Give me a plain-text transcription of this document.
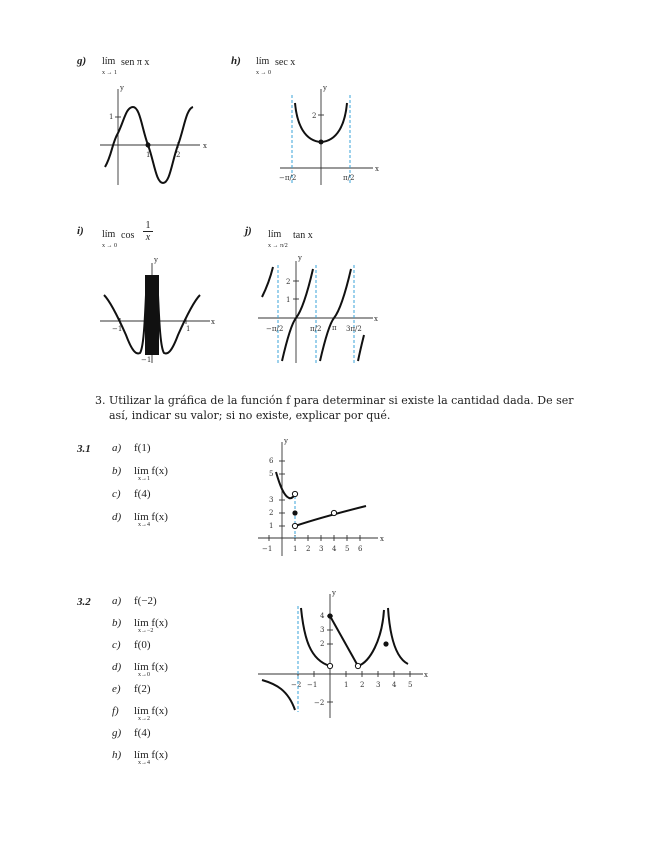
g) lím
x → 1
sen π x
y
x
1
1	2
h) lím
x → 0
sec x
y
x
2
−π/2	π/2
i) lím
x → 0
$\cos \frac{1}{x}$
y
x
−1	1
−1
j) lím
x → π/2
tan x
y
x
2
1
−π/2	π/2 π 3π/2
3. Utilizar la gráfica de la función f para determinar si existe la cantidad dada. De ser
así, indicar su valor; si no existe, explicar por qué.
3.1 a) f(1)
b) lím f(x)
x→1
c) f(4)
d) lím f(x)
x→4
y
x
6
5
3
2
1
−1	1 2 3 4 5 6
3.2 a) f(−2)
b) lím f(x)
x→−2
c) f(0)
d) lím f(x)
x→0
e) f(2)
f) lím f(x)
x→2
g) f(4)
h) lím f(x)
x→4
y
x
4
3
2
−2
−2 −1	1 2 3 4 5
